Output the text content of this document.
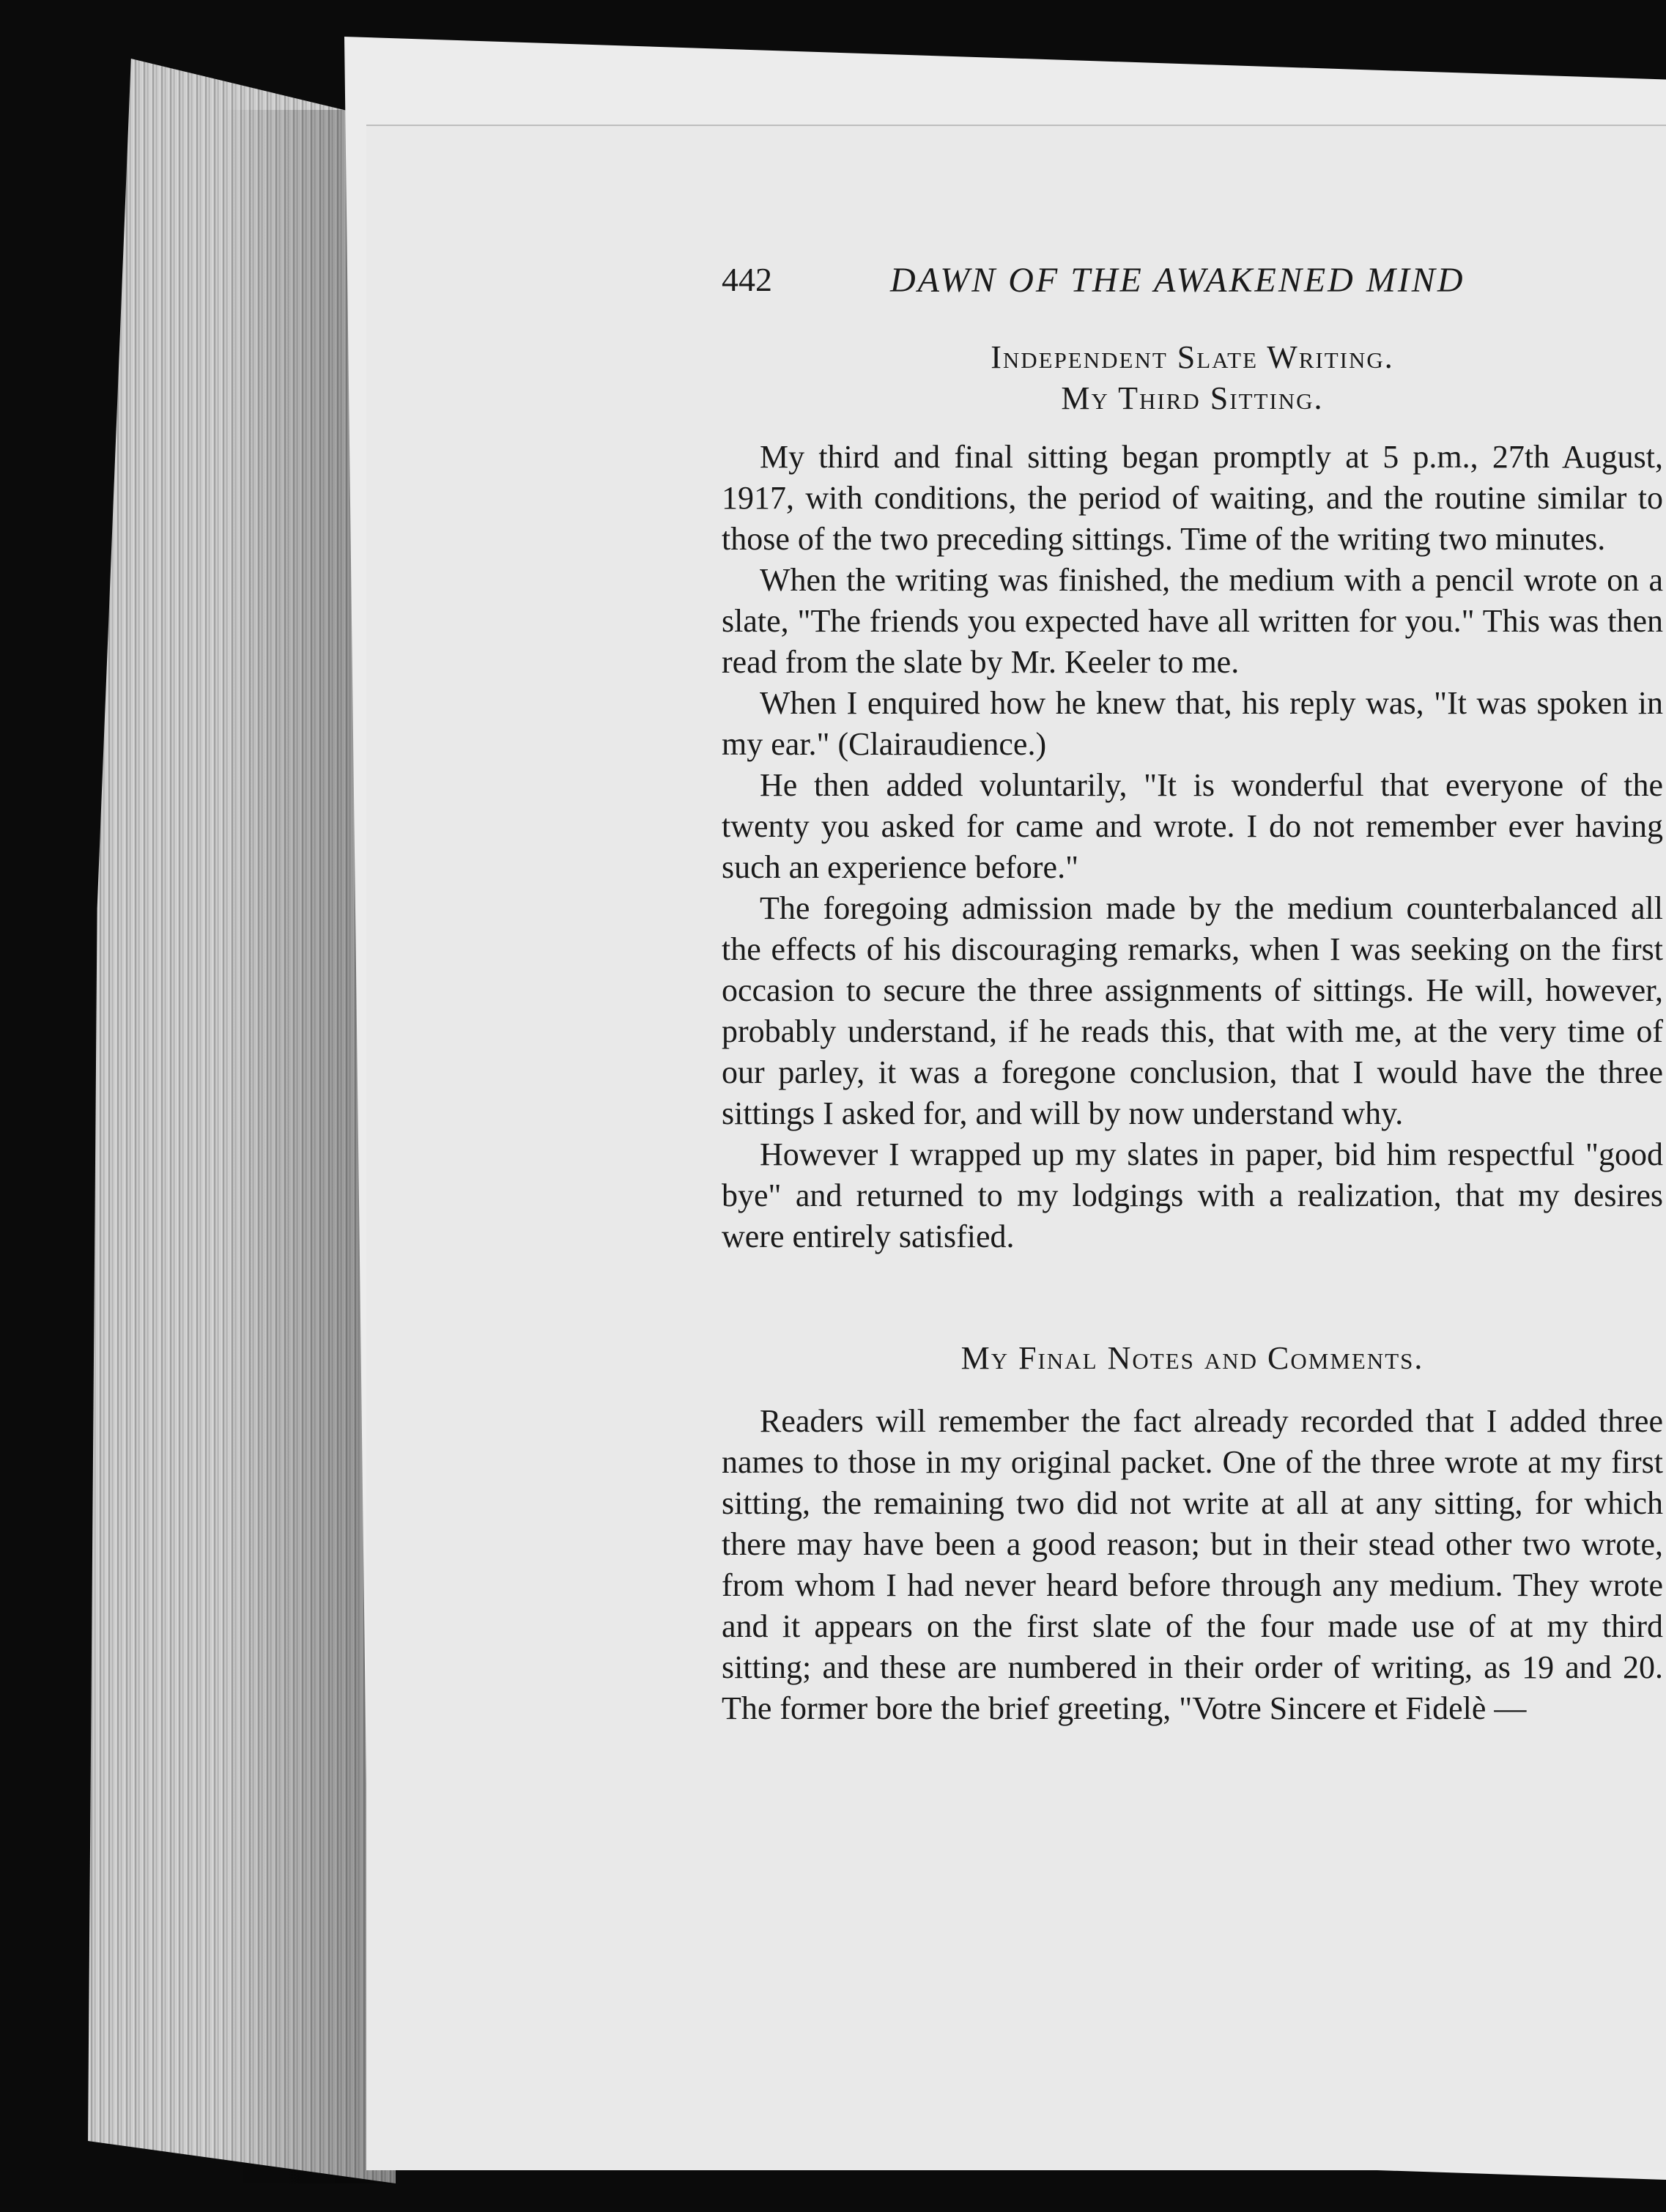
442	DAWN OF THE AWAKENED MIND

Independent Slate Writing.

My Third Sitting.

My third and final sitting began promptly at 5 p.m., 27th August, 1917, with conditions, the period of waiting, and the routine similar to those of the two preceding sittings. Time of the writing two minutes.

When the writing was finished, the medium with a pencil wrote on a slate, "The friends you expected have all written for you." This was then read from the slate by Mr. Keeler to me.

When I enquired how he knew that, his reply was, "It was spoken in my ear." (Clairaudience.)

He then added voluntarily, "It is wonderful that everyone of the twenty you asked for came and wrote. I do not remember ever having such an experience before."

The foregoing admission made by the medium counterbalanced all the effects of his discouraging remarks, when I was seeking on the first occasion to secure the three assignments of sittings. He will, however, probably understand, if he reads this, that with me, at the very time of our parley, it was a foregone conclusion, that I would have the three sittings I asked for, and will by now understand why.

However I wrapped up my slates in paper, bid him respectful "good bye" and returned to my lodgings with a realization, that my desires were entirely satisfied.

My Final Notes and Comments.

Readers will remember the fact already recorded that I added three names to those in my original packet. One of the three wrote at my first sitting, the remaining two did not write at all at any sitting, for which there may have been a good reason; but in their stead other two wrote, from whom I had never heard before through any medium. They wrote and it appears on the first slate of the four made use of at my third sitting; and these are numbered in their order of writing, as 19 and 20. The former bore the brief greeting, "Votre Sincere et Fidelè —
